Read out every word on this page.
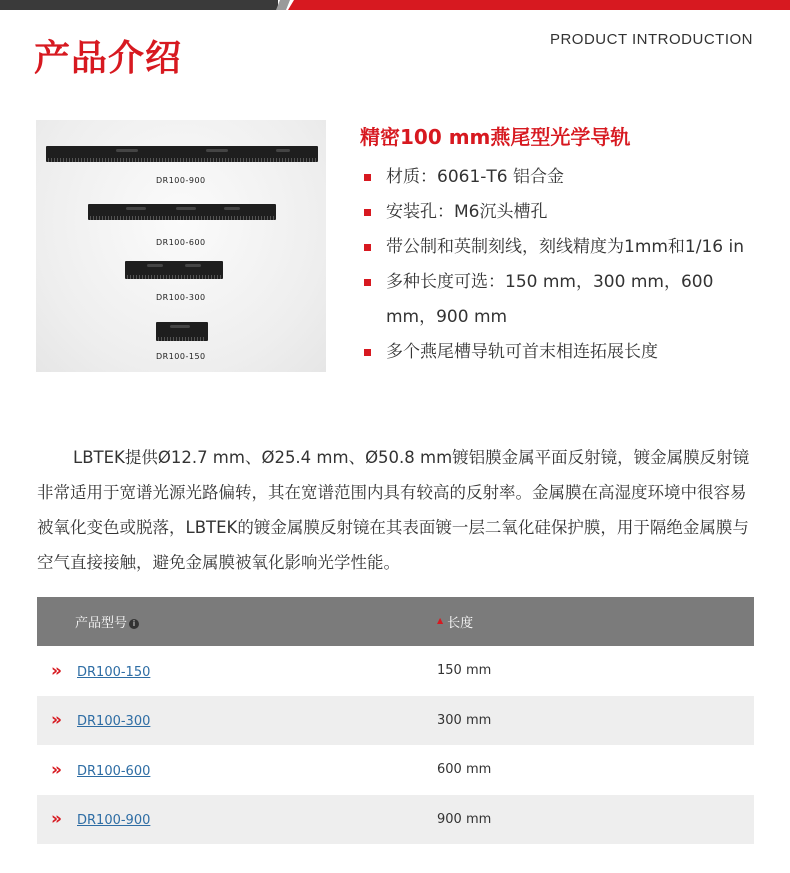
产品介绍	PRODUCT INTRODUCTION
DR100-900
DR100-600
DR100-300
DR100-150
精密100 mm燕尾型光学导轨
材质：6061-T6 铝合金
安装孔：M6沉头槽孔
带公制和英制刻线，刻线精度为1mm和1/16 in
多种长度可选：150 mm，300 mm，600 mm，900 mm
多个燕尾槽导轨可首末相连拓展长度

LBTEK提供Ø12.7 mm、Ø25.4 mm、Ø50.8 mm镀铝膜金属平面反射镜，镀金属膜反射镜非常适用于宽谱光源光路偏转，其在宽谱范围内具有较高的反射率。金属膜在高湿度环境中很容易被氧化变色或脱落，LBTEK的镀金属膜反射镜在其表面镀一层二氧化硅保护膜，用于隔绝金属膜与空气直接接触，避免金属膜被氧化影响光学性能。

产品型号 i	▲ 长度
» DR100-150	150 mm
» DR100-300	300 mm
» DR100-600	600 mm
» DR100-900	900 mm
